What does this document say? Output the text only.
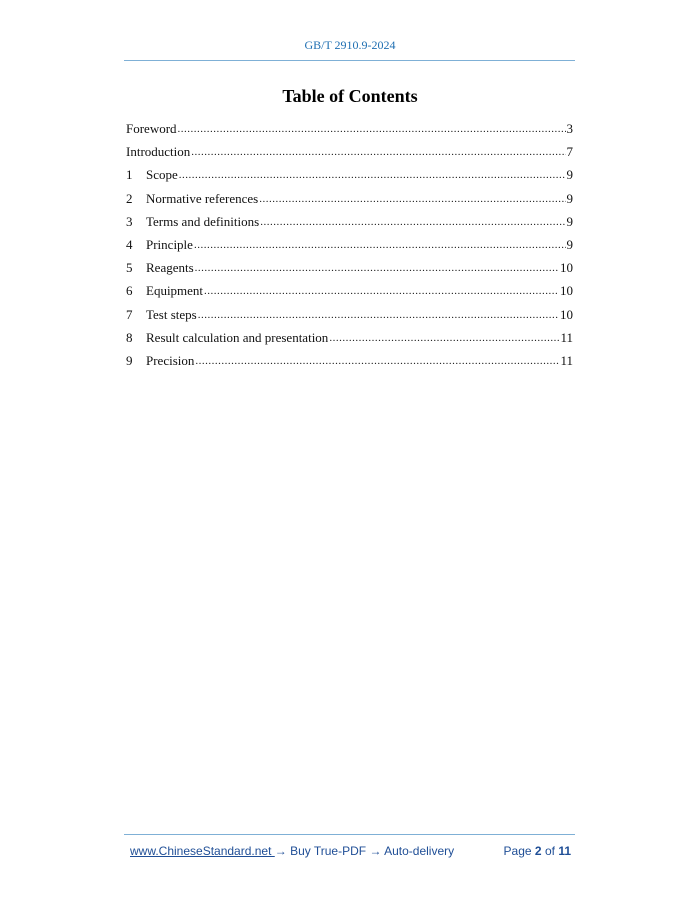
GB/T 2910.9-2024
Table of Contents
Foreword .....	3
Introduction .....	7
1	Scope .....	9
2	Normative references .....	9
3	Terms and definitions .....	9
4	Principle .....	9
5	Reagents .....	10
6	Equipment .....	10
7	Test steps .....	10
8	Result calculation and presentation .....	11
9	Precision .....	11
www.ChineseStandard.net → Buy True-PDF → Auto-delivery	Page 2 of 11
